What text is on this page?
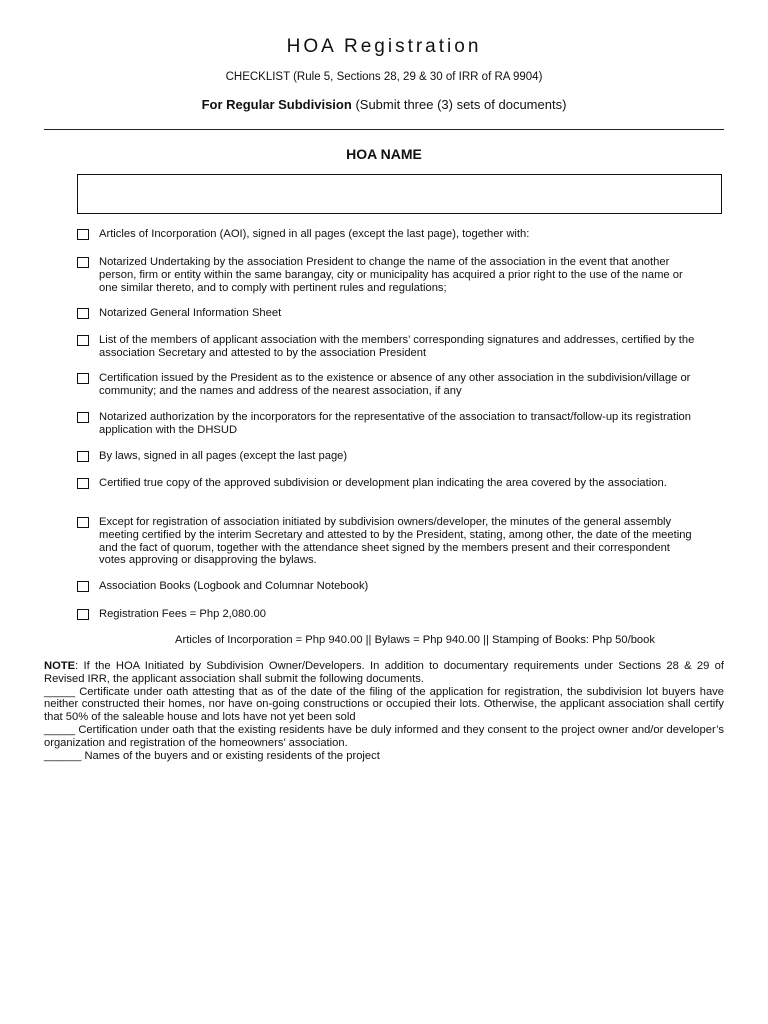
HOA Registration
CHECKLIST (Rule 5, Sections 28, 29 & 30 of IRR of RA 9904)
For Regular Subdivision (Submit three (3) sets of documents)
HOA NAME
Articles of Incorporation (AOI), signed in all pages (except the last page), together with:
Notarized Undertaking by the association President to change the name of the association in the event that another person, firm or entity within the same barangay, city or municipality has acquired a prior right to the use of the name or one similar thereto, and to comply with pertinent rules and regulations;
Notarized General Information Sheet
List of the members of applicant association with the members’ corresponding signatures and addresses, certified by the association Secretary and attested to by the association President
Certification issued by the President as to the existence or absence of any other association in the subdivision/village or community; and the names and address of the nearest association, if any
Notarized authorization by the incorporators for the representative of the association to transact/follow-up its registration application with the DHSUD
By laws, signed in all pages (except the last page)
Certified true copy of the approved subdivision or development plan indicating the area covered by the association.
Except for registration of association initiated by subdivision owners/developer, the minutes of the general assembly meeting certified by the interim Secretary and attested to by the President, stating, among other, the date of the meeting and the fact of quorum, together with the attendance sheet signed by the members present and their correspondent votes approving or disapproving the bylaws.
Association Books (Logbook and Columnar Notebook)
Registration Fees = Php 2,080.00
Articles of Incorporation = Php 940.00 || Bylaws = Php 940.00 || Stamping of Books: Php 50/book

NOTE: If the HOA Initiated by Subdivision Owner/Developers. In addition to documentary requirements under Sections 28 & 29 of Revised IRR, the applicant association shall submit the following documents.

_____ Certificate under oath attesting that as of the date of the filing of the application for registration, the subdivision lot buyers have neither constructed their homes, nor have on-going constructions or occupied their lots. Otherwise, the applicant association shall certify that 50% of the saleable house and lots have not yet been sold

_____ Certification under oath that the existing residents have be duly informed and they consent to the project owner and/or developer’s organization and registration of the homeowners’ association.

______ Names of the buyers and or existing residents of the project
